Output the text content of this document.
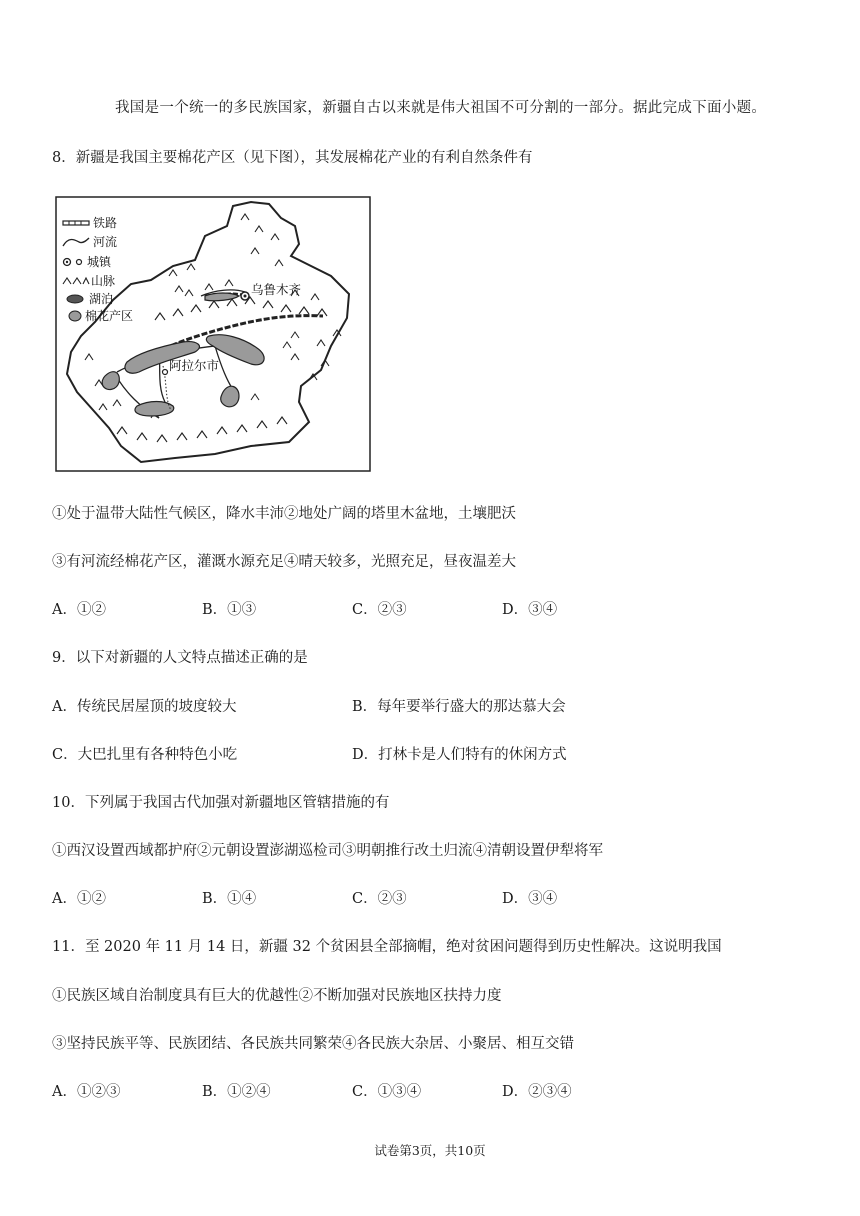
我国是一个统一的多民族国家，新疆自古以来就是伟大祖国不可分割的一部分。据此完成下面小题。
8．新疆是我国主要棉花产区（见下图），其发展棉花产业的有利自然条件有
铁路
河流
城镇
山脉
湖泊
棉花产区
乌鲁木齐
阿拉尔市
①处于温带大陆性气候区，降水丰沛②地处广阔的塔里木盆地，土壤肥沃
③有河流经棉花产区，灌溉水源充足④晴天较多，光照充足，昼夜温差大
A．①②	B．①③	C．②③	D．③④
9．以下对新疆的人文特点描述正确的是
A．传统民居屋顶的坡度较大	B．每年要举行盛大的那达慕大会
C．大巴扎里有各种特色小吃	D．打林卡是人们特有的休闲方式
10．下列属于我国古代加强对新疆地区管辖措施的有
①西汉设置西域都护府②元朝设置澎湖巡检司③明朝推行改土归流④清朝设置伊犁将军
A．①②	B．①④	C．②③	D．③④
11．至 2020 年 11 月 14 日，新疆 32 个贫困县全部摘帽，绝对贫困问题得到历史性解决。这说明我国
①民族区域自治制度具有巨大的优越性②不断加强对民族地区扶持力度
③坚持民族平等、民族团结、各民族共同繁荣④各民族大杂居、小聚居、相互交错
A．①②③	B．①②④	C．①③④	D．②③④
试卷第3页，共10页
